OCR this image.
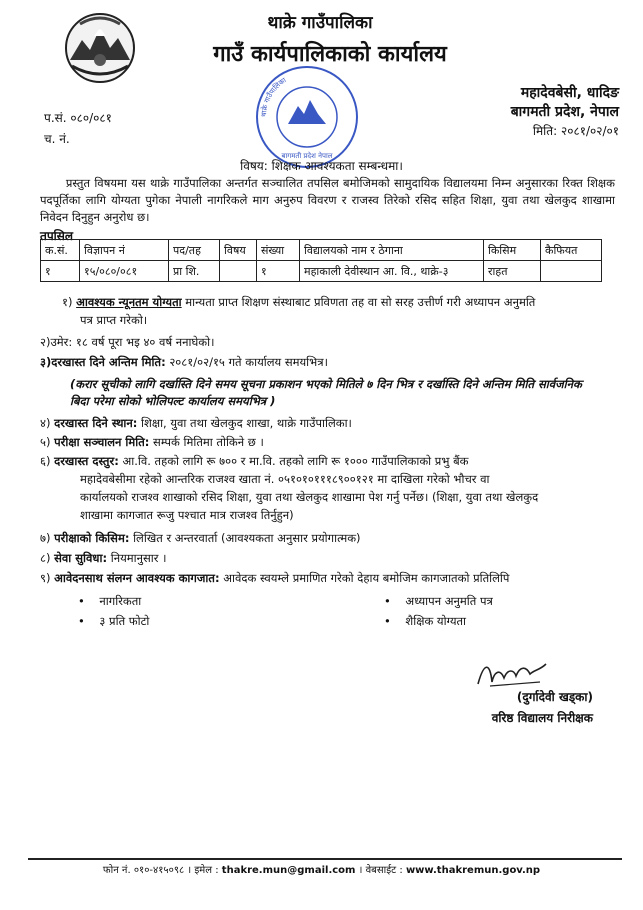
थाक्रे गाउँपालिका
गाउँ कार्यपालिकाको कार्यालय
थाक्रे गाउँपालिका
बागमती प्रदेश नेपाल
महादेवबेसी, धादिङ
बागमती प्रदेश, नेपाल
मिति: २०८१/०२/०१
प.सं. ०८०/०८१
च. नं.
विषय: शिक्षक आवश्यकता सम्बन्धमा।
प्रस्तुत विषयमा यस थाक्रे गाउँपालिका अन्तर्गत सञ्चालित तपसिल बमोजिमको सामुदायिक विद्यालयमा निम्न अनुसारका रिक्त शिक्षक पदपूर्तिका लागि योग्यता पुगेका नेपाली नागरिकले माग अनुरुप विवरण र राजस्व तिरेको रसिद सहित शिक्षा, युवा तथा खेलकुद शाखामा निवेदन दिनुहुन अनुरोध छ।
तपसिल
क.सं.	विज्ञापन नं	पद/तह	विषय	संख्या	विद्यालयको नाम र ठेगाना	किसिम	कैफियत
१	१५/०८०/०८१	प्रा शि.		१	महाकाली देवीस्थान आ. वि., थाक्रे-३	राहत	
१) आवश्यक न्यूनतम योग्यता मान्यता प्राप्त शिक्षण संस्थाबाट प्रविणता तह वा सो सरह उत्तीर्ण गरी अध्यापन अनुमति
पत्र प्राप्त गरेको।
२)उमेर: १८ वर्ष पूरा भइ ४० वर्ष ननाघेको।
३)दरखास्त दिने अन्तिम मिति: २०८१/०२/१५ गते कार्यालय समयभित्र।
(करार सूचीको लागि दर्खास्ति दिने समय सूचना प्रकाशन भएको मितिले ७ दिन भित्र र दर्खास्ति दिने अन्तिम मिति सार्वजनिक बिदा परेमा सोको भोलिपल्ट कार्यालय समयभित्र )
४) दरखास्त दिने स्थान: शिक्षा, युवा तथा खेलकुद शाखा, थाक्रे गाउँपालिका।
५) परीक्षा सञ्चालन मिति: सम्पर्क मितिमा तोकिने छ ।
६) दरखास्त दस्तुर: आ.वि. तहको लागि रू ७०० र मा.वि. तहको लागि रू १००० गाउँपालिकाको प्रभु बैंक
महादेवबेसीमा रहेको आन्तरिक राजश्व खाता नं. ०५१०१०१११८९००१२१ मा दाखिला गरेको भौचर वा
कार्यालयको राजश्व शाखाको रसिद शिक्षा, युवा तथा खेलकुद शाखामा पेश गर्नु पर्नेछ। (शिक्षा, युवा तथा खेलकुद
शाखामा कागजात रूजु पश्चात मात्र राजश्व तिर्नुहुन)
७) परीक्षाको किसिम: लिखित र अन्तरवार्ता (आवश्यकता अनुसार प्रयोगात्मक)
८) सेवा सुविधा: नियमानुसार ।
९) आवेदनसाथ संलग्न आवश्यक कागजात: आवेदक स्वयम्ले प्रमाणित गरेको देहाय बमोजिम कागजातको प्रतिलिपि
•    नागरिकता	•    अध्यापन अनुमति पत्र
•    ३ प्रति फोटो	•    शैक्षिक योग्यता
(दुर्गादेवी खड्का)
वरिष्ठ विद्यालय निरीक्षक
फोन नं. ०१०-४१५०९८ । इमेल : thakre.mun@gmail.com । वेबसाईट : www.thakremun.gov.np
